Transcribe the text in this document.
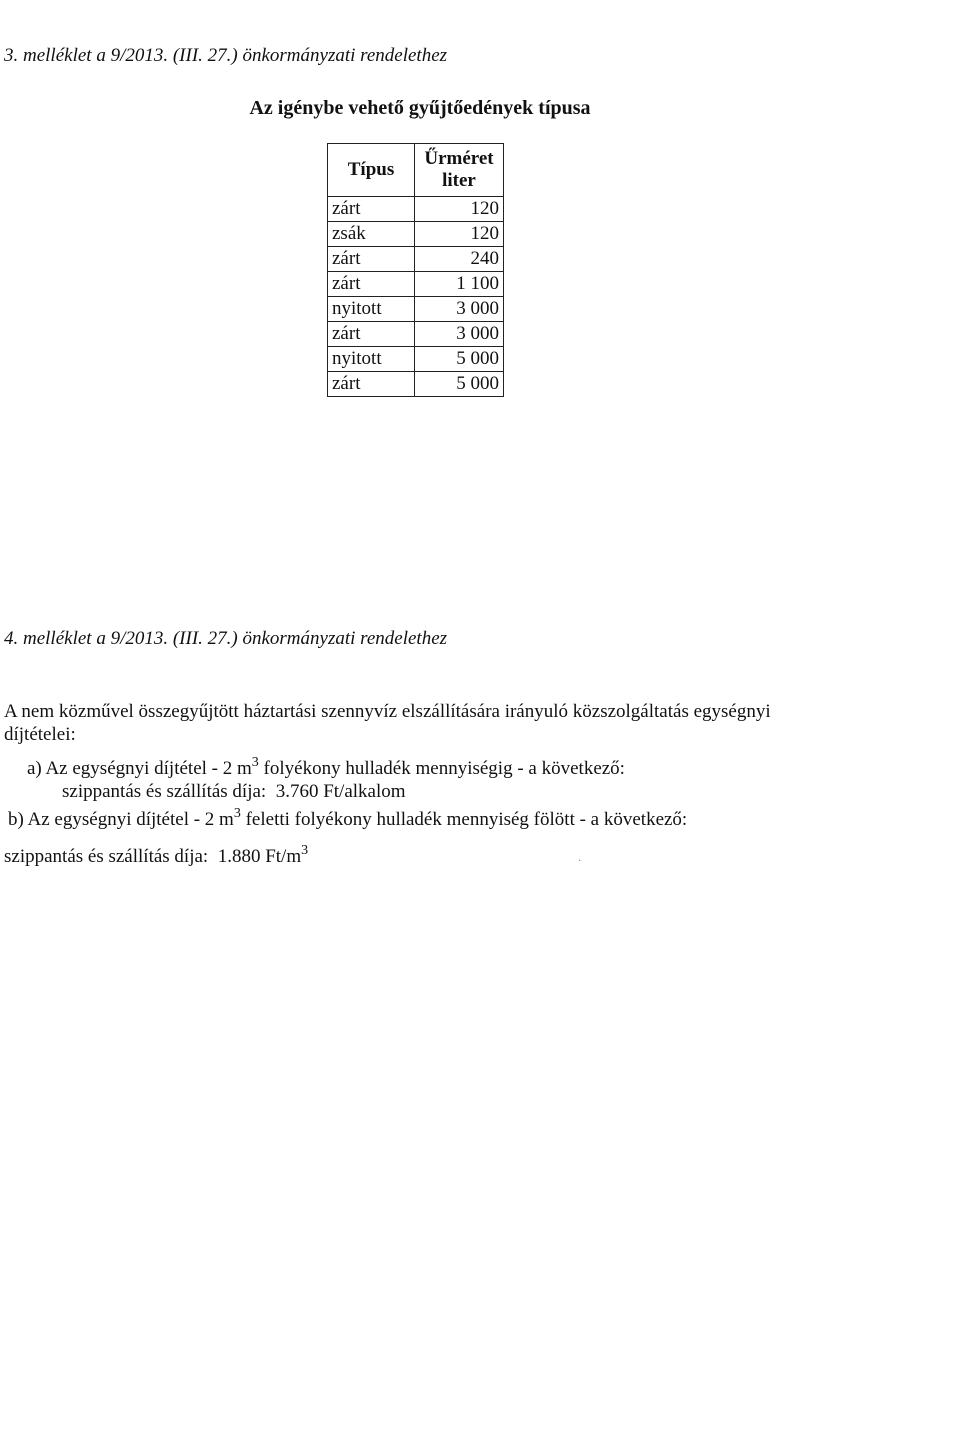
3. melléklet a 9/2013. (III. 27.) önkormányzati rendelethez
Az igénybe vehető gyűjtőedények típusa
Típus	Űrméret
liter

zárt	120
zsák	120
zárt	240
zárt	1 100
nyitott	3 000
zárt	3 000
nyitott	5 000
zárt	5 000
4. melléklet a 9/2013. (III. 27.) önkormányzati rendelethez
A nem közművel összegyűjtött háztartási szennyvíz elszállítására irányuló közszolgáltatás egységnyi díjtételei:
a) Az egységnyi díjtétel - 2 $m^3$ folyékony hulladék mennyiségig - a következő:
szippantás és szállítás díja:  3.760 Ft/alkalom
b) Az egységnyi díjtétel - 2 $m^3$ feletti folyékony hulladék mennyiség fölött - a következő:
szippantás és szállítás díja:  1.880 $Ft/m^3$
·
